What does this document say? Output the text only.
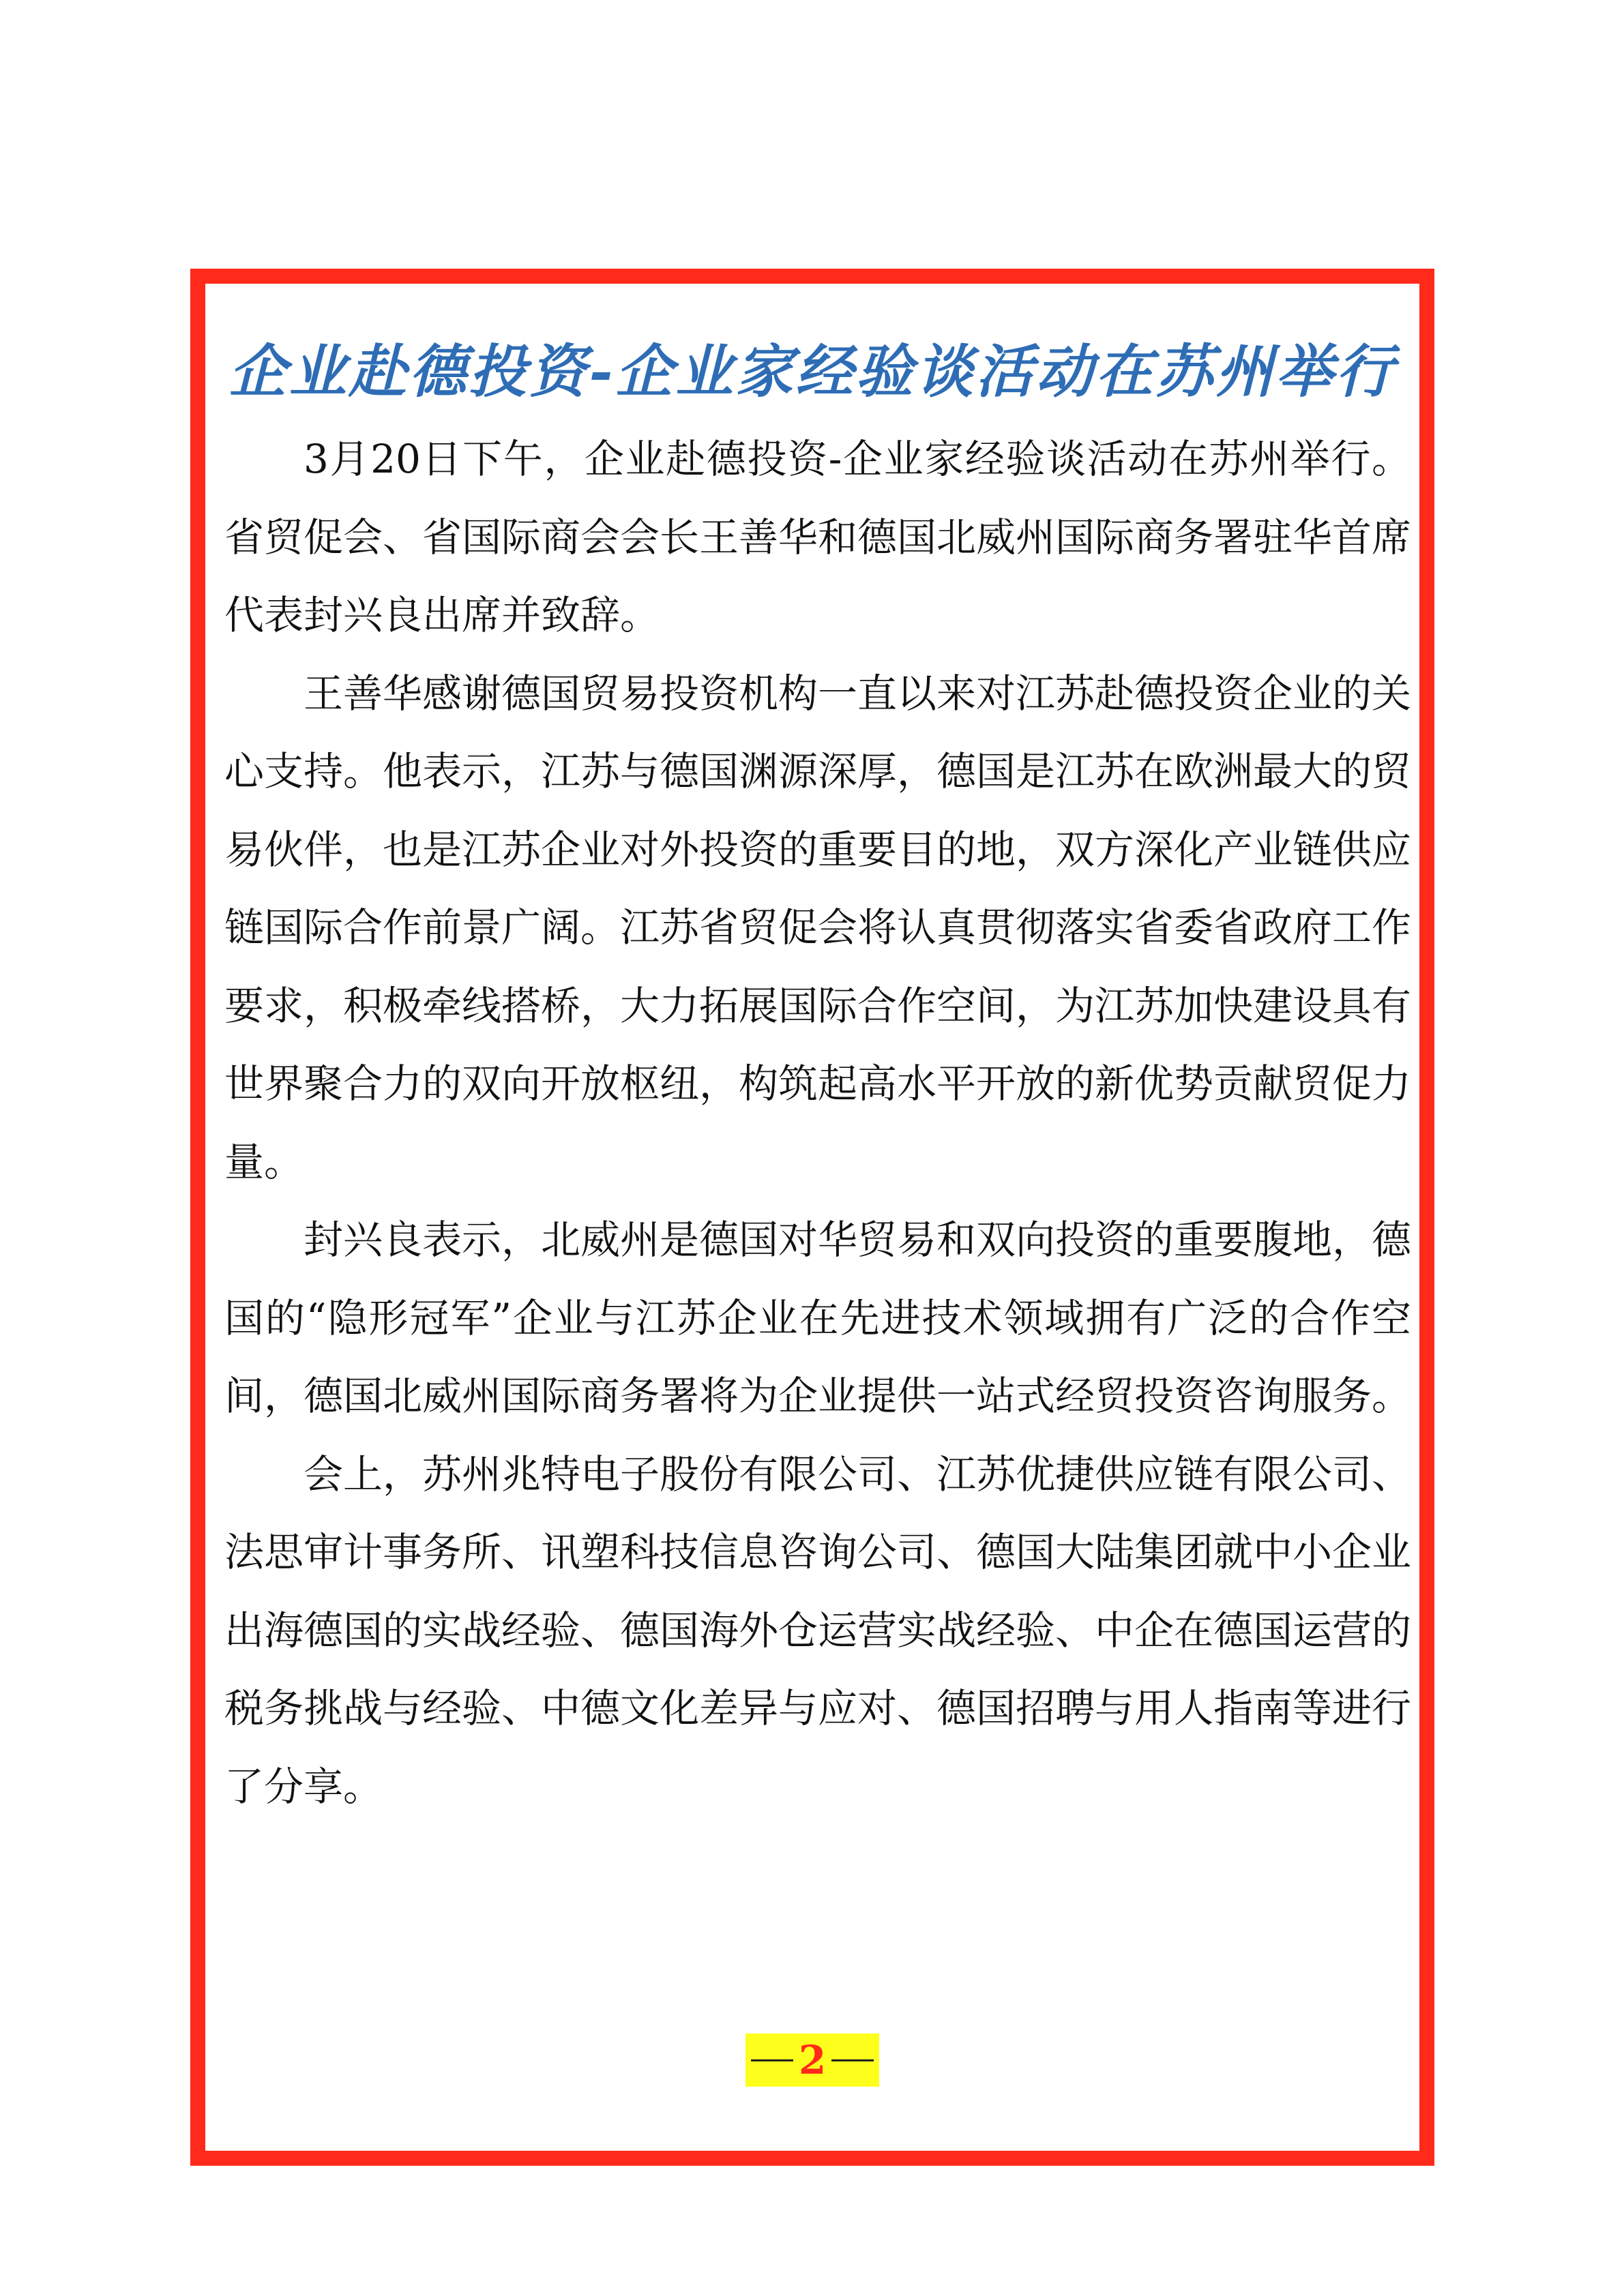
企业赴德投资-企业家经验谈活动在苏州举行

3月20日下午，企业赴德投资-企业家经验谈活动在苏州举行。省贸促会、省国际商会会长王善华和德国北威州国际商务署驻华首席代表封兴良出席并致辞。

王善华感谢德国贸易投资机构一直以来对江苏赴德投资企业的关心支持。他表示，江苏与德国渊源深厚，德国是江苏在欧洲最大的贸易伙伴，也是江苏企业对外投资的重要目的地，双方深化产业链供应链国际合作前景广阔。江苏省贸促会将认真贯彻落实省委省政府工作要求，积极牵线搭桥，大力拓展国际合作空间，为江苏加快建设具有世界聚合力的双向开放枢纽，构筑起高水平开放的新优势贡献贸促力量。

封兴良表示，北威州是德国对华贸易和双向投资的重要腹地，德国的“隐形冠军”企业与江苏企业在先进技术领域拥有广泛的合作空间，德国北威州国际商务署将为企业提供一站式经贸投资咨询服务。

会上，苏州兆特电子股份有限公司、江苏优捷供应链有限公司、法思审计事务所、讯塑科技信息咨询公司、德国大陆集团就中小企业出海德国的实战经验、德国海外仓运营实战经验、中企在德国运营的税务挑战与经验、中德文化差异与应对、德国招聘与用人指南等进行了分享。

2
